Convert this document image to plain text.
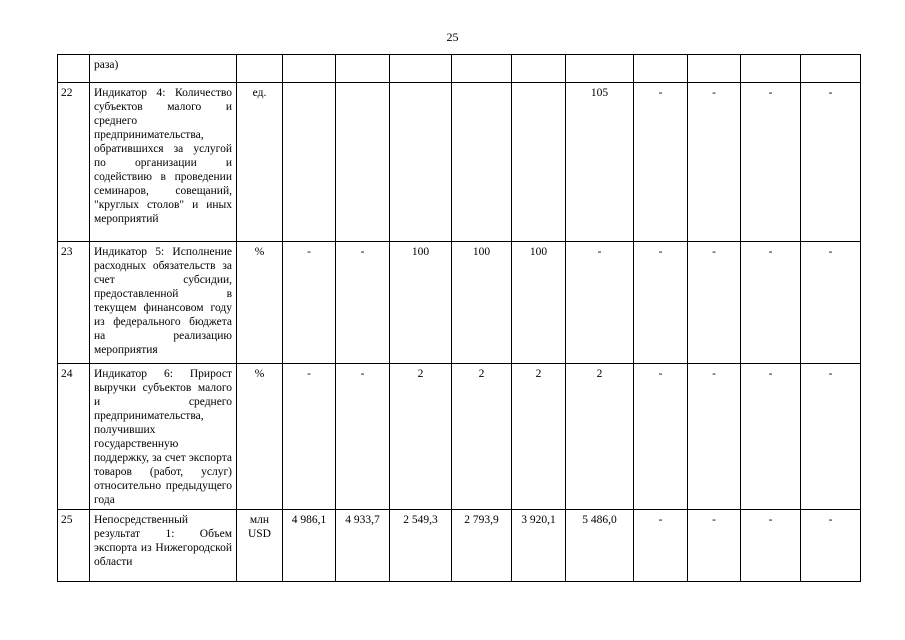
25
	раза)											
22	Индикатор 4: Количество субъектов малого и среднего предпринимательства, обратившихся за услугой по организации и содействию в проведении семинаров, совещаний, "круглых столов" и иных мероприятий	ед.						105	-	-	-	-
23	Индикатор 5: Исполнение расходных обязательств за счет субсидии, предоставленной в текущем финансовом году из федерального бюджета на реализацию мероприятия	%	-	-	100	100	100	-	-	-	-	-
24	Индикатор 6: Прирост выручки субъектов малого и среднего предпринимательства, получивших государственную поддержку, за счет экспорта товаров (работ, услуг) относительно предыдущего года	%	-	-	2	2	2	2	-	-	-	-
25	Непосредственный результат 1: Объем экспорта из Нижегородской области	млн USD	4 986,1	4 933,7	2 549,3	2 793,9	3 920,1	5 486,0	-	-	-	-
